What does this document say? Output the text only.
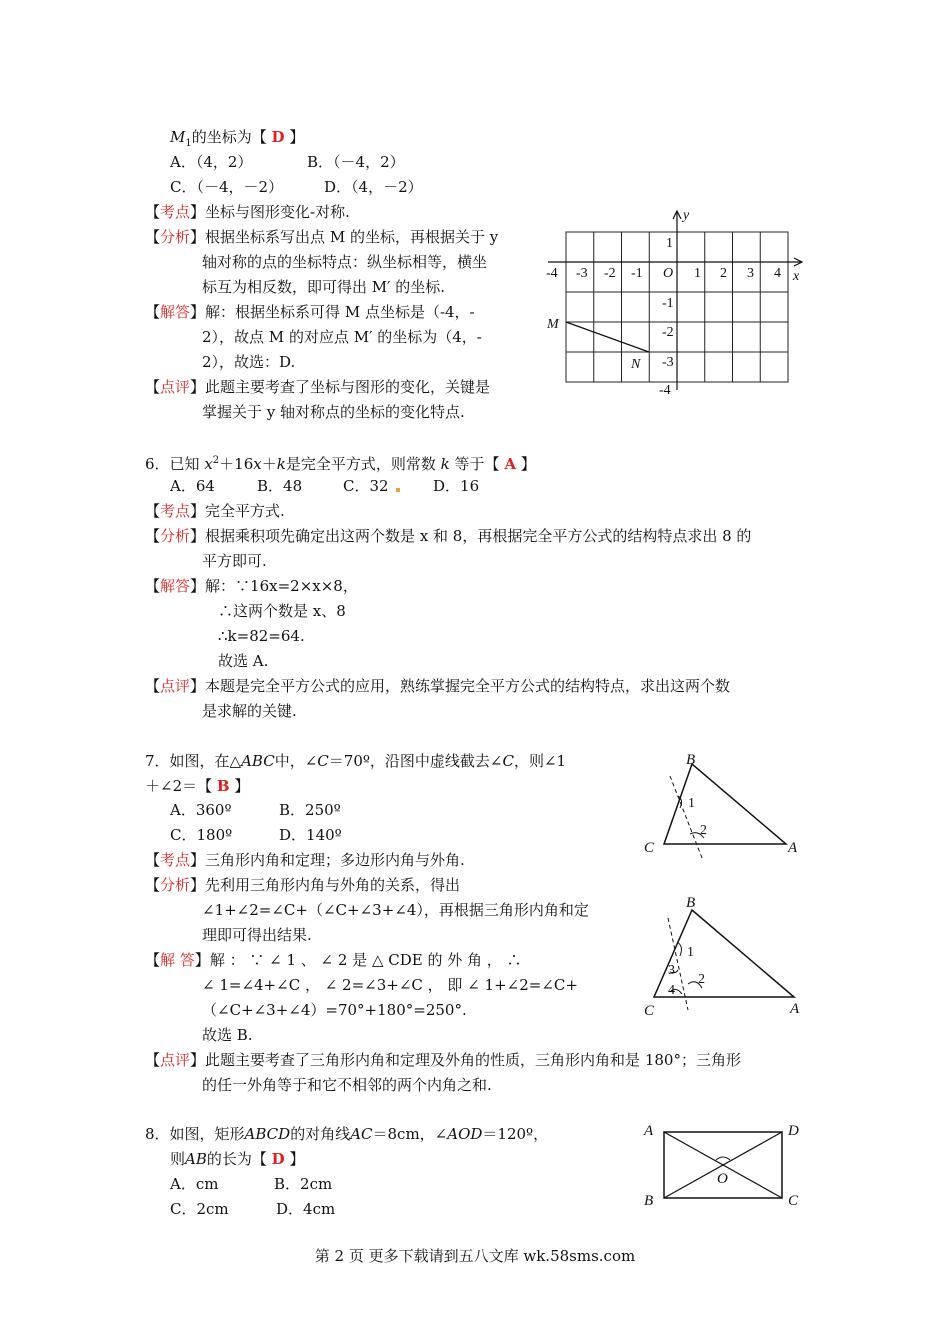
$M_1$的坐标为【 D 】
A．（4，2）	B．（－4，2）
C．（－4，－2）	D．（4，－2）
【考点】坐标与图形变化-对称.
【分析】根据坐标系写出点 M 的坐标，再根据关于 y
轴对称的点的坐标特点：纵坐标相等，横坐
标互为相反数，即可得出 M′ 的坐标.
【解答】解：根据坐标系可得 M 点坐标是（-4，-
2），故点 M 的对应点 M′ 的坐标为（4，-
2），故选：D.
【点评】此题主要考查了坐标与图形的变化，关键是
掌握关于 y 轴对称点的坐标的变化特点.
-4 -3 -2 -1 O 1 2 3 4
1
-1
-2
-3
-4
x
y
M
N
6．已知 $x^2+16x+k$是完全平方式，则常数 k 等于【 A 】
A．64	B．48	C．32	D．16
【考点】完全平方式.
【分析】根据乘积项先确定出这两个数是 x 和 8，再根据完全平方公式的结构特点求出 8 的
平方即可.
【解答】解：∵16x=2×x×8，
∴这两个数是 x、8
∴k=82=64.
故选 A.
【点评】本题是完全平方公式的应用，熟练掌握完全平方公式的结构特点，求出这两个数
是求解的关键.
7．如图，在△ABC中，∠C＝70º，沿图中虚线截去∠C，则∠1
＋∠2＝【 B 】
A．360º	B．250º
C．180º	D．140º
【考点】三角形内角和定理；多边形内角与外角.
【分析】先利用三角形内角与外角的关系，得出
∠1+∠2=∠C+（∠C+∠3+∠4），再根据三角形内角和定
理即可得出结果.
【解 答】解 ： ∵ ∠ 1 、 ∠ 2 是 △ CDE 的 外 角 ， ∴
∠ 1=∠4+∠C ， ∠ 2=∠3+∠C ， 即 ∠ 1+∠2=∠C+
（∠C+∠3+∠4）=70°+180°=250°.
故选 B.
【点评】此题主要考查了三角形内角和定理及外角的性质，三角形内角和是 180°；三角形
的任一外角等于和它不相邻的两个内角之和.
B
C	A
1
2
B
C	A
1
2
3
4
8．如图，矩形ABCD的对角线AC＝8cm，∠AOD＝120º，
则AB的长为【 D 】
A．cm	B．2cm
C．2cm	D．4cm
A	D
B	C
O
第 2 页 更多下载请到五八文库 wk.58sms.com
